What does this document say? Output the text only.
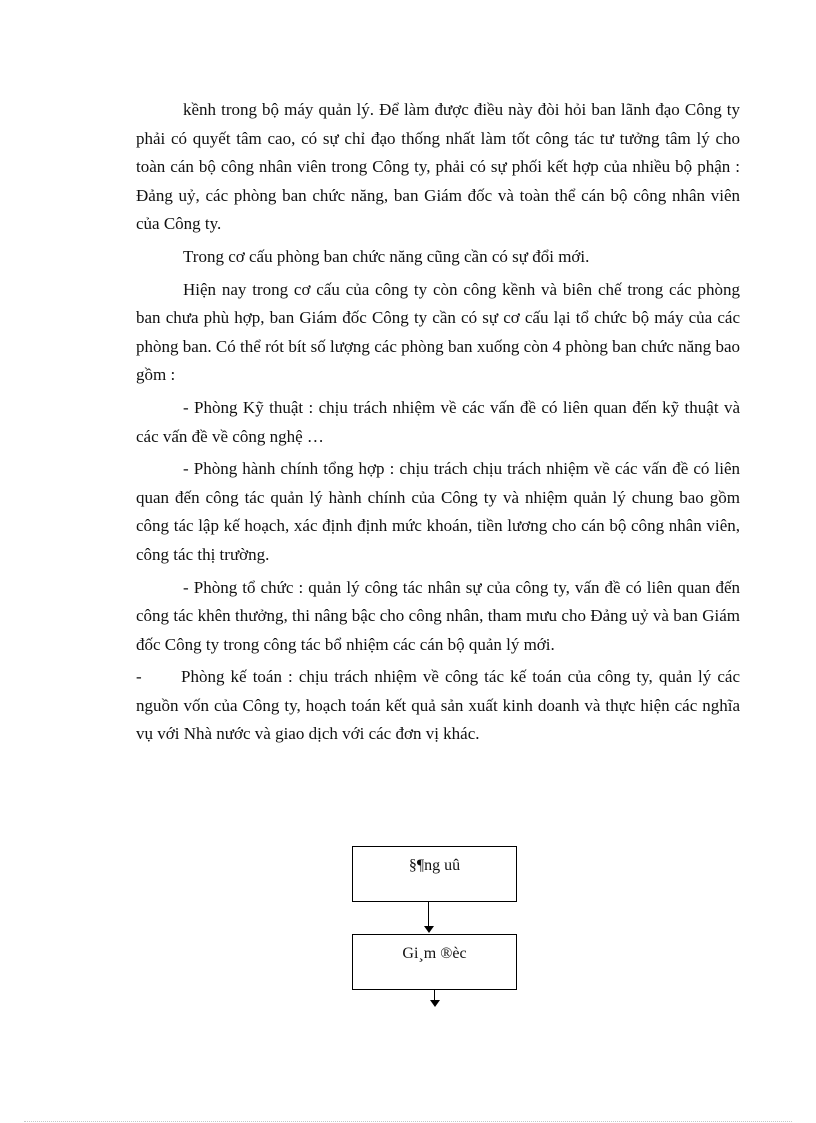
kềnh trong bộ máy quản lý. Để làm được điều này đòi hỏi ban lãnh đạo Công ty phải có quyết tâm cao, có sự chỉ đạo thống nhất làm tốt công tác tư tưởng tâm lý cho toàn cán bộ công nhân viên trong Công ty, phải có sự phối kết hợp của nhiều bộ phận : Đảng uỷ, các phòng ban chức năng, ban Giám đốc và toàn thể cán bộ công nhân viên của Công ty.

Trong cơ cấu phòng ban chức năng cũng cần có sự đổi mới.

Hiện nay trong cơ cấu của công ty còn công kềnh và biên chế trong các phòng ban chưa phù hợp, ban Giám đốc Công ty cần có sự cơ cấu lại tổ chức bộ máy của các phòng ban. Có thể rót bít số lượng các phòng ban xuống còn 4 phòng ban chức năng bao gồm :

- Phòng Kỹ thuật : chịu trách nhiệm về các vấn đề có liên quan đến kỹ thuật và các vấn đề về công nghệ …

- Phòng hành chính tổng hợp : chịu trách chịu trách nhiệm về các vấn đề có liên quan đến công tác quản lý hành chính của Công ty và nhiệm quản lý chung bao gồm công tác lập kế hoạch, xác định định mức khoán, tiền lương cho cán bộ công nhân viên, công tác thị trường.

- Phòng tổ chức : quản lý công tác nhân sự của công ty, vấn đề có liên quan đến công tác khên thưởng, thi nâng bậc cho công nhân, tham mưu cho Đảng uỷ và ban Giám đốc Công ty trong công tác bổ nhiệm các cán bộ quản lý mới.

- Phòng kế toán : chịu trách nhiệm về công tác kế toán của công ty, quản lý các nguồn vốn của Công ty, hoạch toán kết quả sản xuất kinh doanh và thực hiện các nghĩa vụ với Nhà nước và giao dịch với các đơn vị khác.

§¶ng uû
Gi¸m ®èc
